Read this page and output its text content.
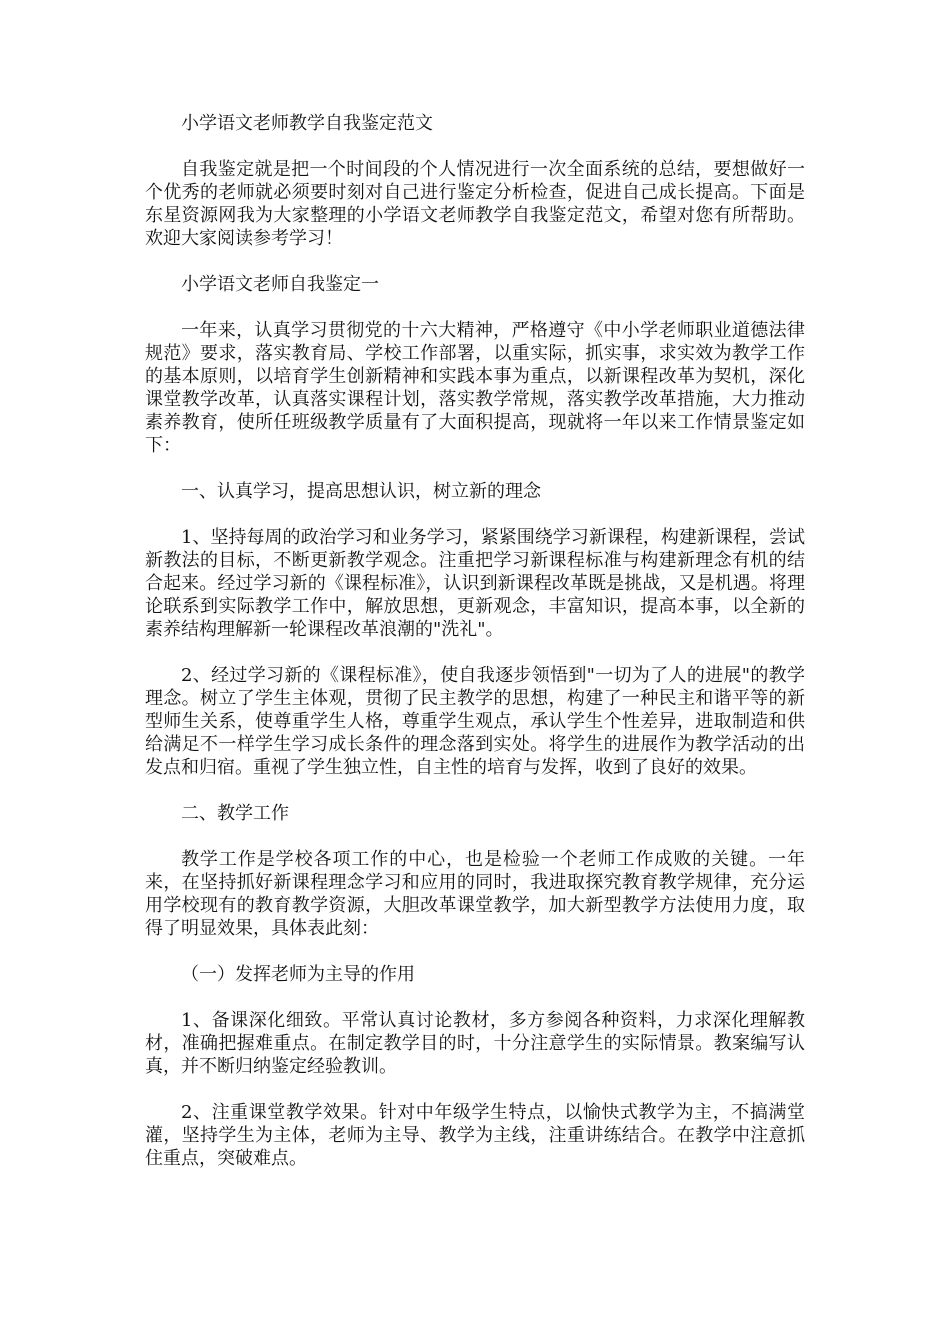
小学语文老师教学自我鉴定范文

自我鉴定就是把一个时间段的个人情况进行一次全面系统的总结，要想做好一个优秀的老师就必须要时刻对自己进行鉴定分析检查，促进自己成长提高。下面是东星资源网我为大家整理的小学语文老师教学自我鉴定范文，希望对您有所帮助。欢迎大家阅读参考学习！

小学语文老师自我鉴定一

一年来，认真学习贯彻党的十六大精神，严格遵守《中小学老师职业道德法律规范》要求，落实教育局、学校工作部署，以重实际，抓实事，求实效为教学工作的基本原则，以培育学生创新精神和实践本事为重点，以新课程改革为契机，深化课堂教学改革，认真落实课程计划，落实教学常规，落实教学改革措施，大力推动素养教育，使所任班级教学质量有了大面积提高，现就将一年以来工作情景鉴定如下：

一、认真学习，提高思想认识，树立新的理念

1、坚持每周的政治学习和业务学习，紧紧围绕学习新课程，构建新课程，尝试新教法的目标，不断更新教学观念。注重把学习新课程标准与构建新理念有机的结合起来。经过学习新的《课程标准》，认识到新课程改革既是挑战，又是机遇。将理论联系到实际教学工作中，解放思想，更新观念，丰富知识，提高本事，以全新的素养结构理解新一轮课程改革浪潮的"洗礼"。

2、经过学习新的《课程标准》，使自我逐步领悟到"一切为了人的进展"的教学理念。树立了学生主体观，贯彻了民主教学的思想，构建了一种民主和谐平等的新型师生关系，使尊重学生人格，尊重学生观点，承认学生个性差异，进取制造和供给满足不一样学生学习成长条件的理念落到实处。将学生的进展作为教学活动的出发点和归宿。重视了学生独立性，自主性的培育与发挥，收到了良好的效果。

二、教学工作

教学工作是学校各项工作的中心，也是检验一个老师工作成败的关键。一年来，在坚持抓好新课程理念学习和应用的同时，我进取探究教育教学规律，充分运用学校现有的教育教学资源，大胆改革课堂教学，加大新型教学方法使用力度，取得了明显效果，具体表此刻：

（一）发挥老师为主导的作用

1、备课深化细致。平常认真讨论教材，多方参阅各种资料，力求深化理解教材，准确把握难重点。在制定教学目的时，十分注意学生的实际情景。教案编写认真，并不断归纳鉴定经验教训。

2、注重课堂教学效果。针对中年级学生特点，以愉快式教学为主，不搞满堂灌，坚持学生为主体，老师为主导、教学为主线，注重讲练结合。在教学中注意抓住重点，突破难点。
